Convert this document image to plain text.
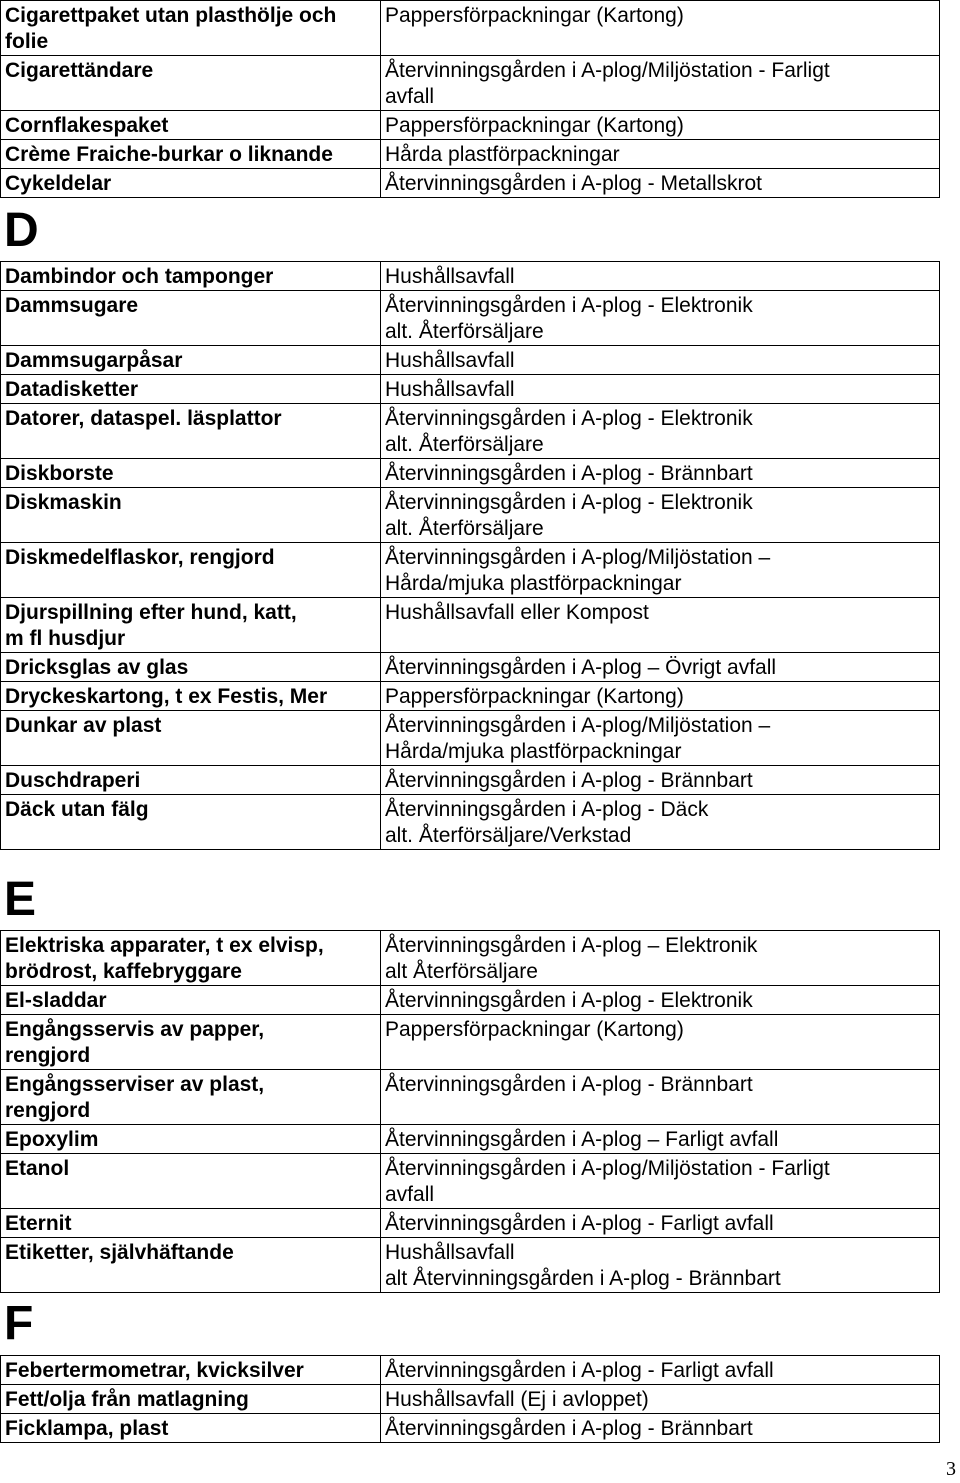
Cigarettpaket utan plasthölje och
folie	Pappersförpackningar (Kartong)

Cigarettändare	Återvinningsgården i A-plog/Miljöstation - Farligt
avfall

Cornflakespaket	Pappersförpackningar (Kartong)

Crème Fraiche-burkar o liknande	Hårda plastförpackningar

Cykeldelar	Återvinningsgården i A-plog - Metallskrot
D
Dambindor och tamponger	Hushållsavfall

Dammsugare	Återvinningsgården i A-plog - Elektronik
alt. Återförsäljare

Dammsugarpåsar	Hushållsavfall

Datadisketter	Hushållsavfall

Datorer, dataspel. läsplattor	Återvinningsgården i A-plog - Elektronik
alt. Återförsäljare

Diskborste	Återvinningsgården i A-plog - Brännbart

Diskmaskin	Återvinningsgården i A-plog - Elektronik
alt. Återförsäljare

Diskmedelflaskor, rengjord	Återvinningsgården i A-plog/Miljöstation –
Hårda/mjuka plastförpackningar

Djurspillning efter hund, katt,
m fl husdjur	Hushållsavfall eller Kompost

Dricksglas av glas	Återvinningsgården i A-plog – Övrigt avfall

Dryckeskartong, t ex Festis, Mer	Pappersförpackningar (Kartong)

Dunkar av plast	Återvinningsgården i A-plog/Miljöstation –
Hårda/mjuka plastförpackningar

Duschdraperi	Återvinningsgården i A-plog - Brännbart

Däck utan fälg	Återvinningsgården i A-plog - Däck
alt. Återförsäljare/Verkstad
E
Elektriska apparater, t ex elvisp,
brödrost, kaffebryggare	Återvinningsgården i A-plog – Elektronik
alt Återförsäljare

El-sladdar	Återvinningsgården i A-plog - Elektronik

Engångsservis av papper,
rengjord	Pappersförpackningar (Kartong)

Engångsserviser av plast,
rengjord	Återvinningsgården i A-plog - Brännbart

Epoxylim	Återvinningsgården i A-plog – Farligt avfall

Etanol	Återvinningsgården i A-plog/Miljöstation - Farligt
avfall

Eternit	Återvinningsgården i A-plog - Farligt avfall

Etiketter, självhäftande	Hushållsavfall
alt Återvinningsgården i A-plog - Brännbart
F
Febertermometrar, kvicksilver	Återvinningsgården i A-plog - Farligt avfall

Fett/olja från matlagning	Hushållsavfall (Ej i avloppet)

Ficklampa, plast	Återvinningsgården i A-plog - Brännbart
3
